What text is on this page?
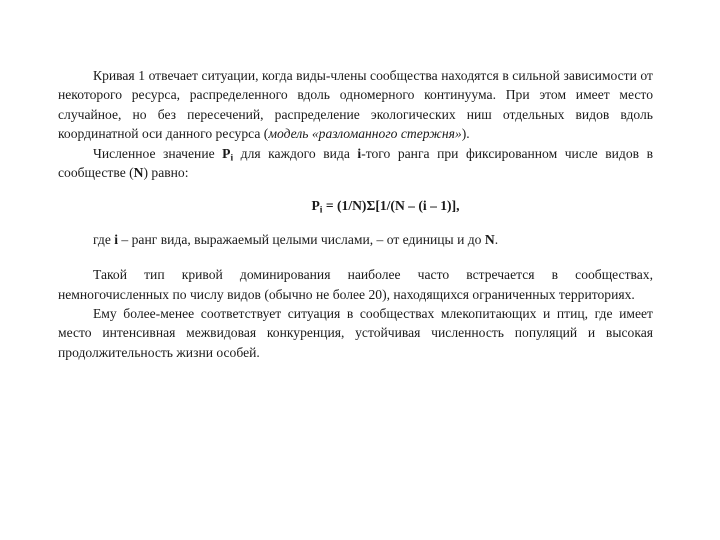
Кривая 1 отвечает ситуации, когда виды-члены сообщества находятся в сильной зависимости от некоторого ресурса, распределенного вдоль одномерного континуума. При этом имеет место случайное, но без пересечений, распределение экологических ниш отдельных видов вдоль координатной оси данного ресурса (модель «разломанного стержня»).

Численное значение $P_i$ для каждого вида i-того ранга при фиксированном числе видов в сообществе (N) равно:

$P_i = (1/N)\Sigma[1/(N - (i - 1)]$,

где i – ранг вида, выражаемый целыми числами, – от единицы и до N.

Такой тип кривой доминирования наиболее часто встречается в сообществах, немногочисленных по числу видов (обычно не более 20), находящихся ограниченных территориях.

Ему более-менее соответствует ситуация в сообществах млекопитающих и птиц, где имеет место интенсивная межвидовая конкуренция, устойчивая численность популяций и высокая продолжительность жизни особей.
